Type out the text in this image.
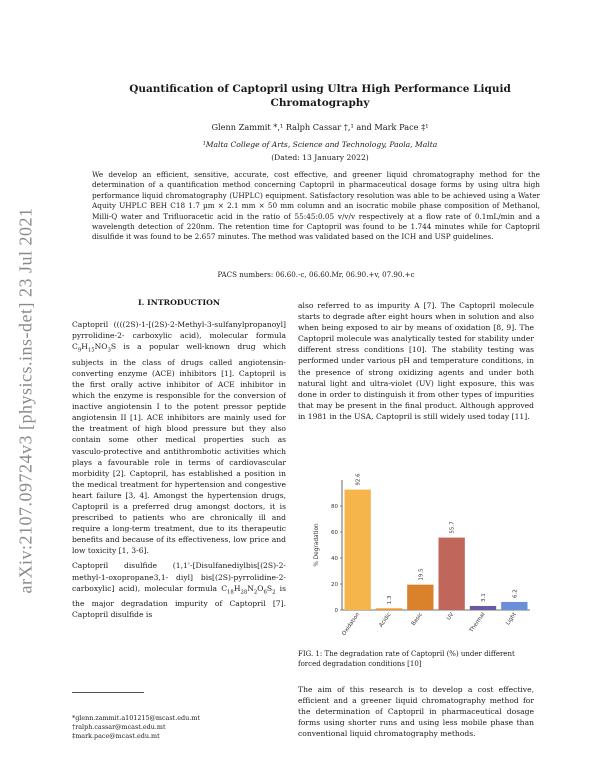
arXiv:2107.09724v3 [physics.ins-det] 23 Jul 2021
Quantification of Captopril using Ultra High Performance Liquid Chromatography
Glenn Zammit *,¹ Ralph Cassar †,¹ and Mark Pace ‡¹
¹Malta College of Arts, Science and Technology, Paola, Malta
(Dated: 13 January 2022)
We develop an efficient, sensitive, accurate, cost effective, and greener liquid chromatography method for the determination of a quantification method concerning Captopril in pharmaceutical dosage forms by using ultra high performance liquid chromatography (UHPLC) equipment. Satisfactory resolution was able to be achieved using a Water Aquity UHPLC BEH C18 1.7 µm × 2.1 mm × 50 mm column and an isocratic mobile phase composition of Methanol, Milli-Q water and Trifluoracetic acid in the ratio of 55:45:0.05 v/v/v respectively at a flow rate of 0.1mL/min and a wavelength detection of 220nm. The retention time for Captopril was found to be 1.744 minutes while for Captopril disulfide it was found to be 2.657 minutes. The method was validated based on the ICH and USP guidelines.
PACS numbers: 06.60.-c, 06.60.Mr, 06.90.+v, 07.90.+c
I. INTRODUCTION

Captopril ((((2S)-1-[(2S)-2-Methyl-3-sulfanylpropanoyl] pyrrolidine-2- carboxylic acid), molecular formula $C_9H_{15}NO_3S$ is a popular well-known drug which subjects in the class of drugs called angiotensin-converting enzyme (ACE) inhibitors [1]. Captopril is the first orally active inhibitor of ACE inhibitor in which the enzyme is responsible for the conversion of inactive angiotensin I to the potent pressor peptide angiotensin II [1]. ACE inhibitors are mainly used for the treatment of high blood pressure but they also contain some other medical properties such as vasculo-protective and antithrombotic activities which plays a favourable role in terms of cardiovascular morbidity [2]. Captopril, has established a position in the medical treatment for hypertension and congestive heart failure [3, 4]. Amongst the hypertension drugs, Captopril is a preferred drug amongst doctors, it is prescribed to patients who are chronically ill and require a long-term treatment, due to its therapeutic benefits and because of its effectiveness, low price and low toxicity [1, 3-6].

Captopril disulfide (1,1'-[Disulfanediylbis[(2S)-2-methyl-1-oxopropane3,1- diyl] bis[(2S)-pyrrolidine-2-carboxylic] acid), molecular formula $C_{18}H_{28}N_2O_6S_2$ is the major degradation impurity of Captopril [7]. Captopril disulfide is

also referred to as impurity A [7]. The Captopril molecule starts to degrade after eight hours when in solution and also when being exposed to air by means of oxidation [8, 9]. The Captopril molecule was analytically tested for stability under different stress conditions [10]. The stability testing was performed under various pH and temperature conditions, in the presence of strong oxidizing agents and under both natural light and ultra-violet (UV) light exposure, this was done in order to distinguish it from other types of impurities that may be present in the final product. Although approved in 1981 in the USA, Captopril is still widely used today [11].

0
20
40
60
80
% Degradation
92.6
Oxidation
1.3
Acidic
19.5
Basic
55.7
UV
3.1
Thermal
6.2
Light
FIG. 1: The degradation rate of Captopril (%) under different forced degradation conditions [10]

The aim of this research is to develop a cost effective, efficient and a greener liquid chromatography method for the determination of Captopril in pharmaceutical dosage forms using shorter runs and using less mobile phase than conventional liquid chromatography methods.

*glenn.zammit.a101215@mcast.edu.mt
†ralph.cassar@mcast.edu.mt
‡mark.pace@mcast.edu.mt
